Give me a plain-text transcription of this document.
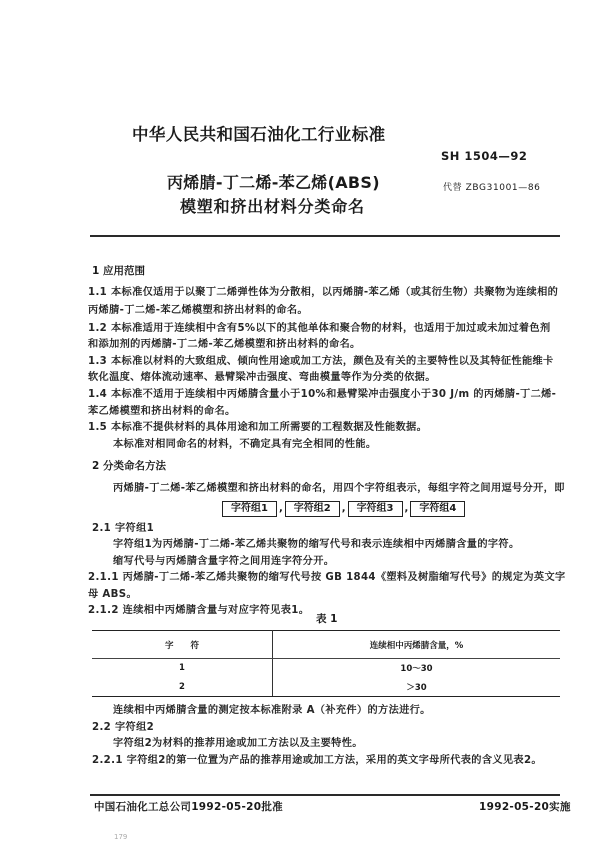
中华人民共和国石油化工行业标准
SH 1504—92
丙烯腈-丁二烯-苯乙烯(ABS)
模塑和挤出材料分类命名
代替 ZBG31001—86
1 应用范围
1.1 本标准仅适用于以聚丁二烯弹性体为分散相，以丙烯腈-苯乙烯（或其衍生物）共聚物为连续相的
丙烯腈-丁二烯-苯乙烯模塑和挤出材料的命名。
1.2 本标准适用于连续相中含有5%以下的其他单体和聚合物的材料，也适用于加过或未加过着色剂
和添加剂的丙烯腈-丁二烯-苯乙烯模塑和挤出材料的命名。
1.3 本标准以材料的大致组成、倾向性用途或加工方法，颜色及有关的主要特性以及其特征性能维卡
软化温度、熔体流动速率、悬臂梁冲击强度、弯曲模量等作为分类的依据。
1.4 本标准不适用于连续相中丙烯腈含量小于10%和悬臂梁冲击强度小于30 J/m 的丙烯腈-丁二烯-
苯乙烯模塑和挤出材料的命名。
1.5 本标准不提供材料的具体用途和加工所需要的工程数据及性能数据。
本标准对相同命名的材料，不确定具有完全相同的性能。
2 分类命名方法
丙烯腈-丁二烯-苯乙烯模塑和挤出材料的命名，用四个字符组表示，每组字符之间用逗号分开，即
字符组1 , 字符组2 , 字符组3 , 字符组4
2.1 字符组1
字符组1为丙烯腈-丁二烯-苯乙烯共聚物的缩写代号和表示连续相中丙烯腈含量的字符。
缩写代号与丙烯腈含量字符之间用连字符分开。
2.1.1 丙烯腈-丁二烯-苯乙烯共聚物的缩写代号按 GB 1844《塑料及树脂缩写代号》的规定为英文字
母 ABS。
2.1.2 连续相中丙烯腈含量与对应字符见表1。
表 1
字　　符	连续相中丙烯腈含量，%
1	10～30
2	＞30
连续相中丙烯腈含量的测定按本标准附录 A（补充件）的方法进行。
2.2 字符组2
字符组2为材料的推荐用途或加工方法以及主要特性。
2.2.1 字符组2的第一位置为产品的推荐用途或加工方法，采用的英文字母所代表的含义见表2。
中国石油化工总公司1992-05-20批准	1992-05-20实施
179
